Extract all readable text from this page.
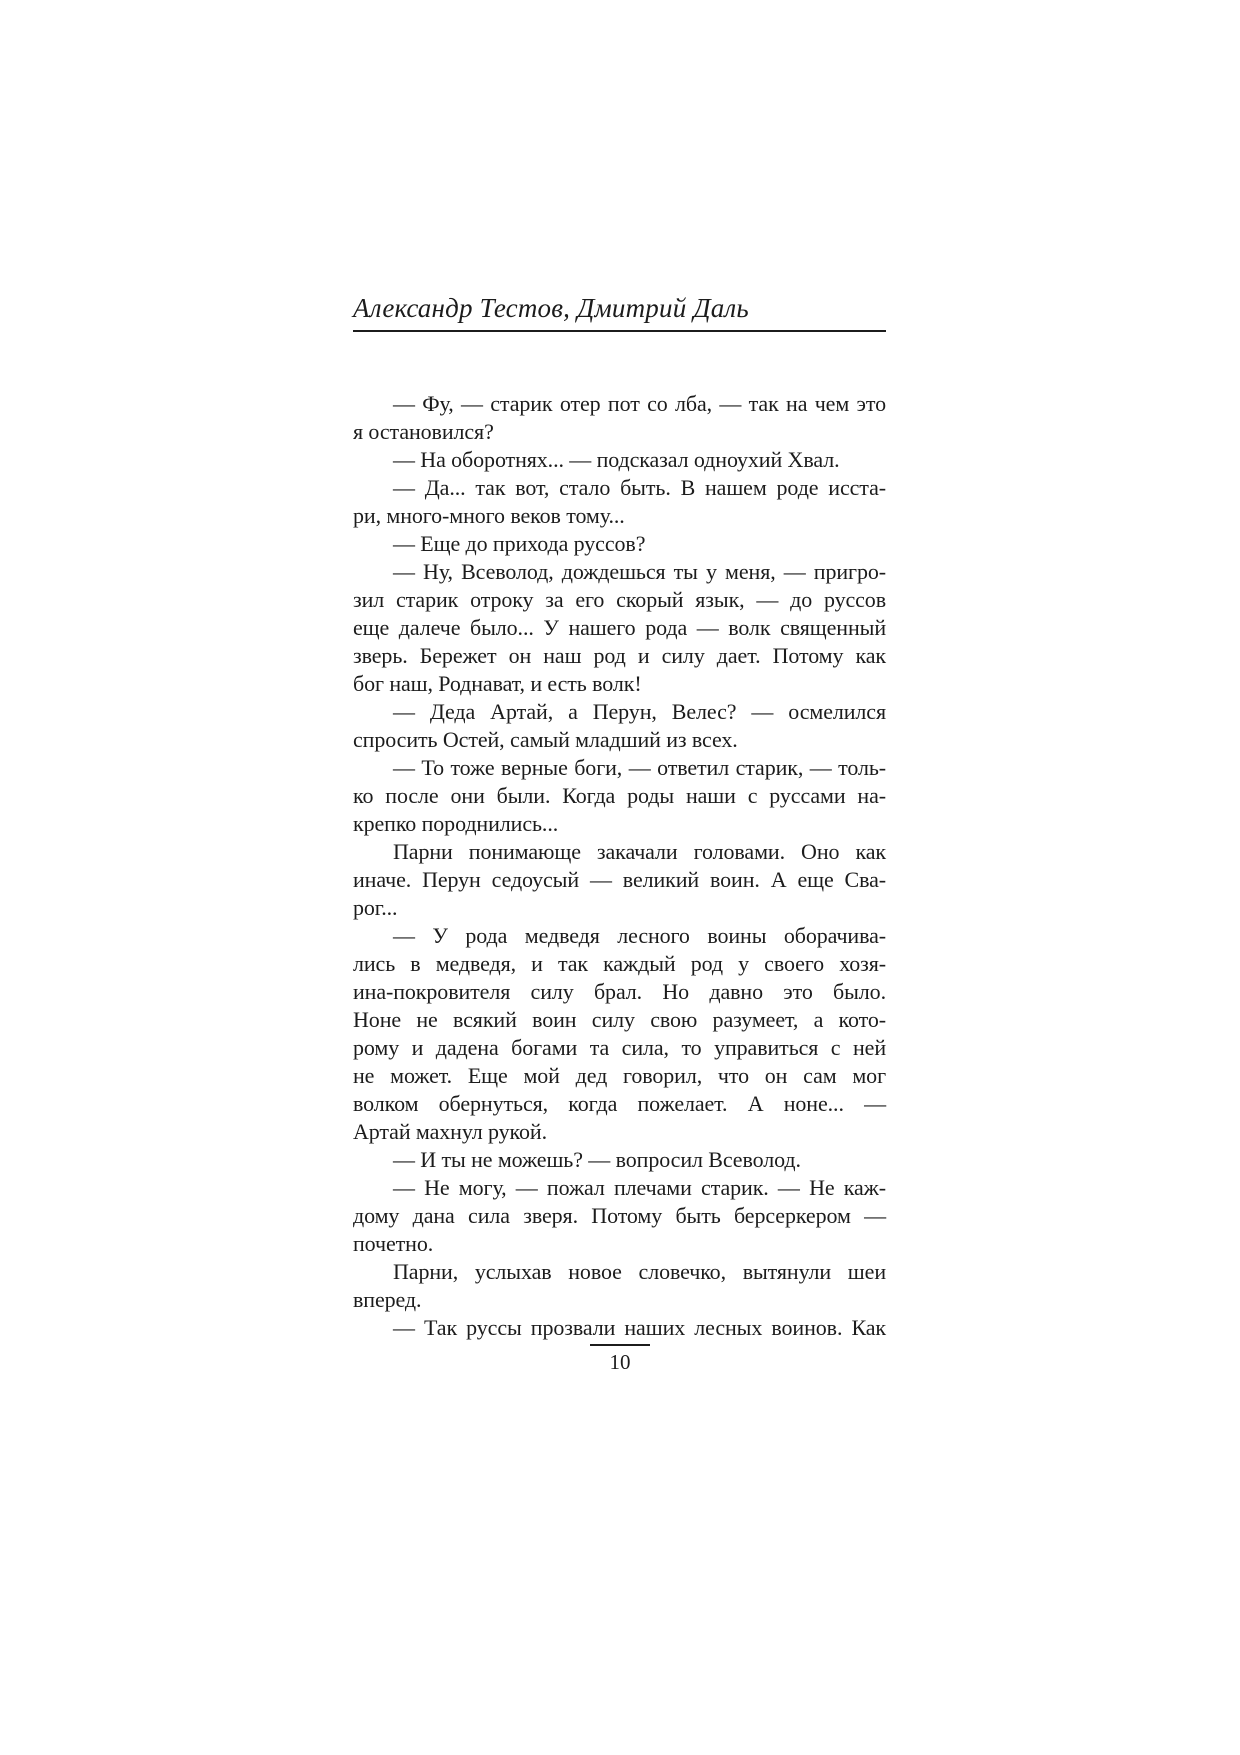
Александр Тестов, Дмитрий Даль
— Фу, — старик отер пот со лба, — так на чем это
я остановился?
— На оборотнях... — подсказал одноухий Хвал.
— Да... так вот, стало быть. В нашем роде исста-
ри, много-много веков тому...
— Еще до прихода руссов?
— Ну, Всеволод, дождешься ты у меня, — пригро-
зил старик отроку за его скорый язык, — до руссов
еще далече было... У нашего рода — волк священный
зверь. Бережет он наш род и силу дает. Потому как
бог наш, Роднават, и есть волк!
— Деда Артай, а Перун, Велес? — осмелился
спросить Остей, самый младший из всех.
— То тоже верные боги, — ответил старик, — толь-
ко после они были. Когда роды наши с руссами на-
крепко породнились...
Парни понимающе закачали головами. Оно как
иначе. Перун седоусый — великий воин. А еще Сва-
рог...
— У рода медведя лесного воины оборачива-
лись в медведя, и так каждый род у своего хозя-
ина-покровителя силу брал. Но давно это было.
Ноне не всякий воин силу свою разумеет, а кото-
рому и дадена богами та сила, то управиться с ней
не может. Еще мой дед говорил, что он сам мог
волком обернуться, когда пожелает. А ноне... —
Артай махнул рукой.
— И ты не можешь? — вопросил Всеволод.
— Не могу, — пожал плечами старик. — Не каж-
дому дана сила зверя. Потому быть берсеркером —
почетно.
Парни, услыхав новое словечко, вытянули шеи
вперед.
— Так руссы прозвали наших лесных воинов. Как
10
